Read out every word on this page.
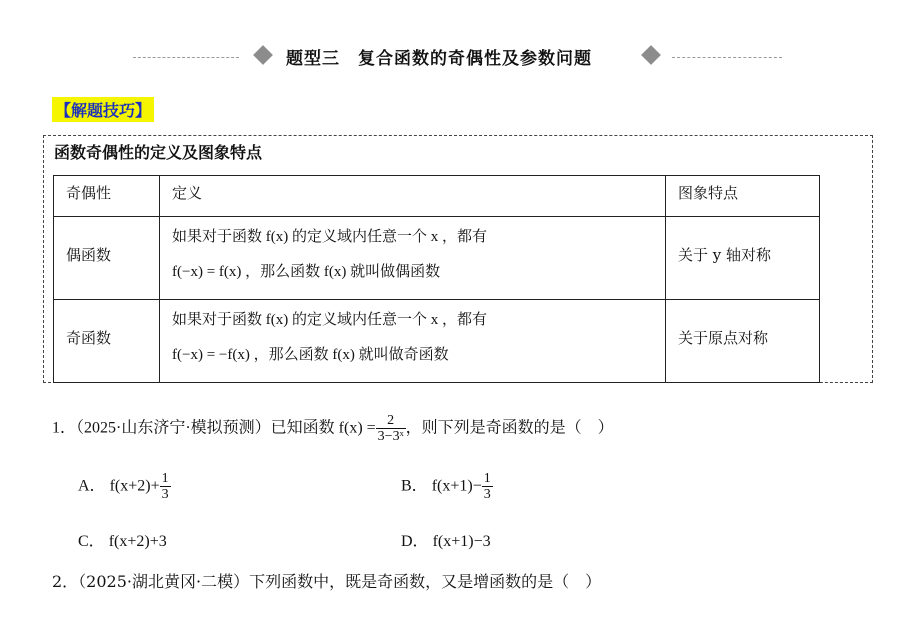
题型三　复合函数的奇偶性及参数问题
【解题技巧】
函数奇偶性的定义及图象特点
奇偶性	定义	图象特点

偶函数	如果对于函数 f(x) 的定义域内任意一个 x ，都有
f(−x) = f(x) ，那么函数 f(x) 就叫做偶函数	关于 y 轴对称

奇函数	如果对于函数 f(x) 的定义域内任意一个 x ，都有
f(−x) = −f(x) ，那么函数 f(x) 就叫做奇函数	关于原点对称
1．（2025·山东济宁·模拟预测）已知函数 $f(x) = \frac{2}{\text{3−3ˣ}}$ ，则下列是奇函数的是（　）
A． $f(x+2)+ \frac{1}{3}$	B． $f(x+1)- \frac{1}{3}$
C． f(x+2)+3	D． f(x+1)−3
2．（2025·湖北黄冈·二模）下列函数中，既是奇函数，又是增函数的是（　）
